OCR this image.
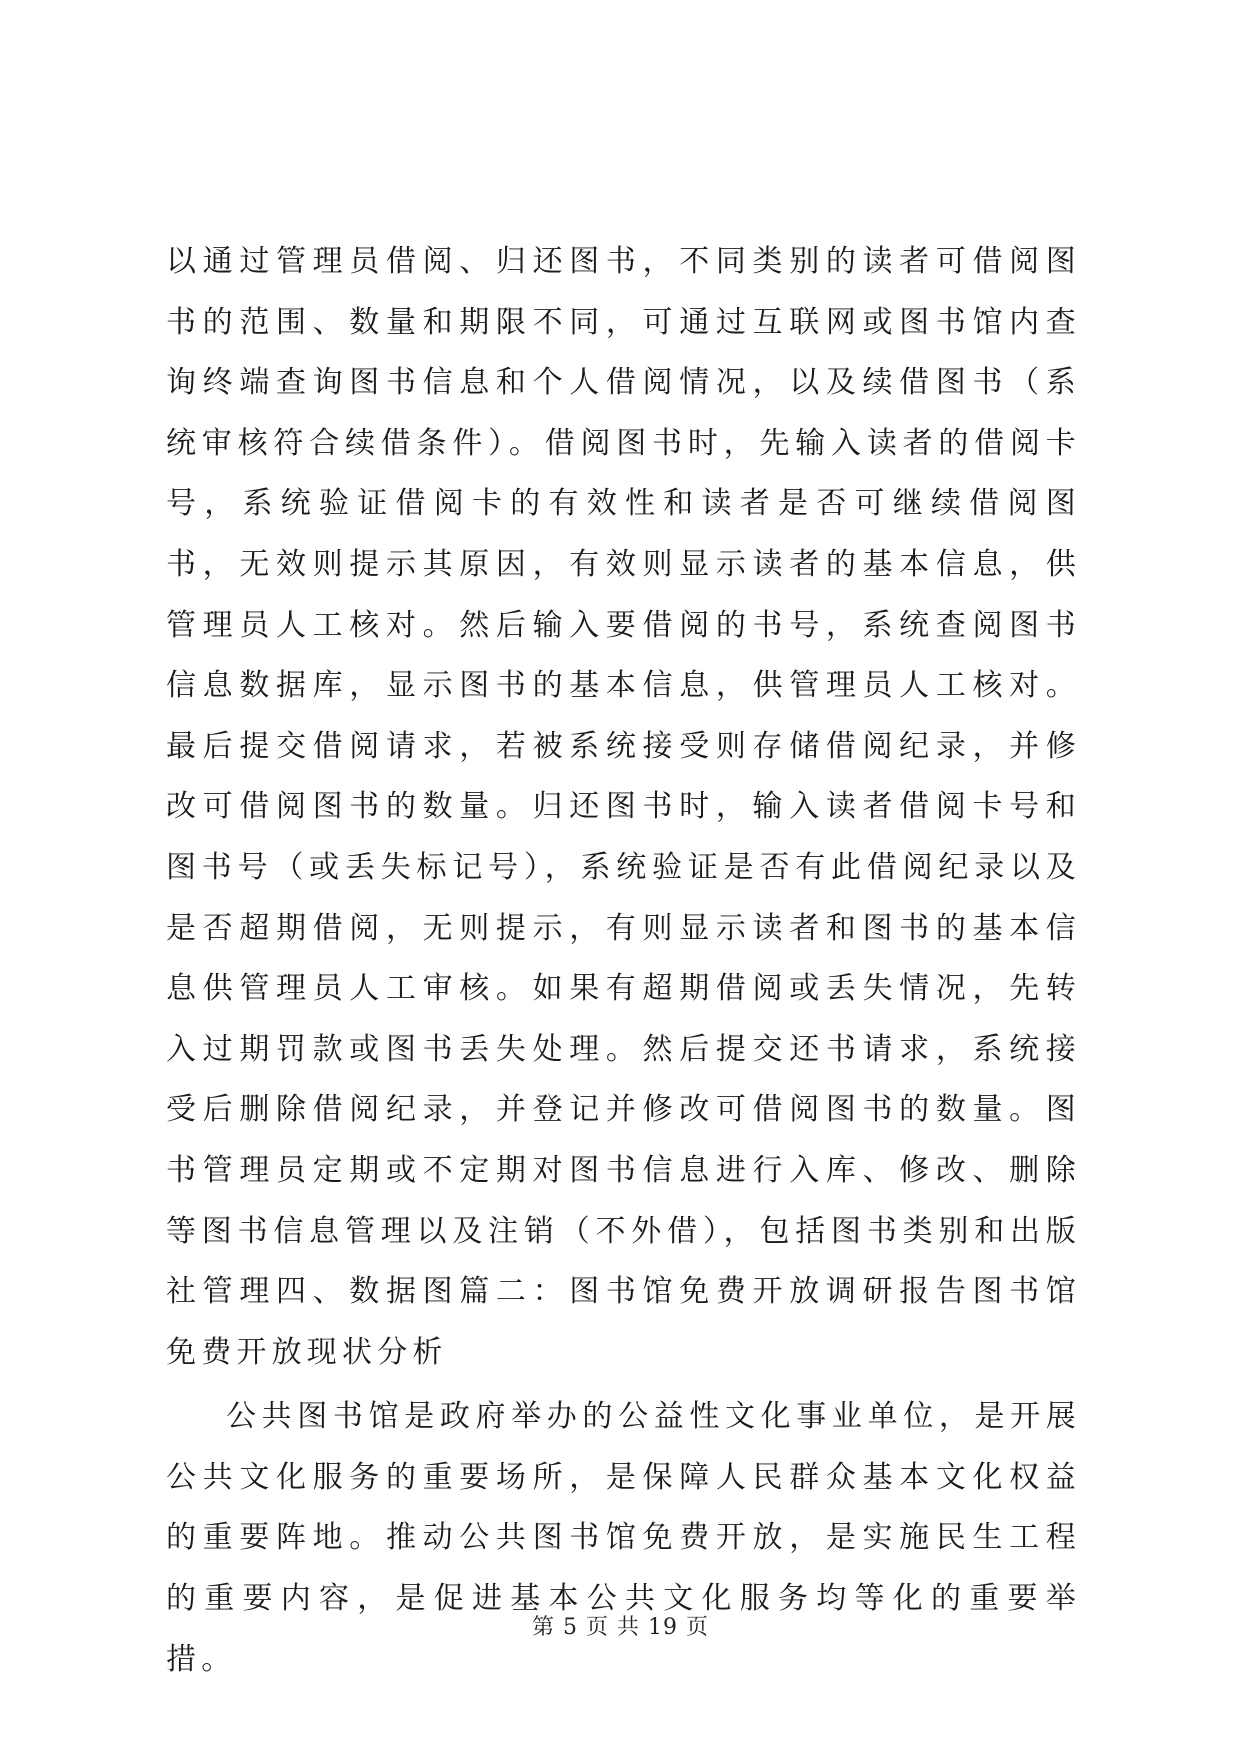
以通过管理员借阅、归还图书，不同类别的读者可借阅图书的范围、数量和期限不同，可通过互联网或图书馆内查询终端查询图书信息和个人借阅情况，以及续借图书（系统审核符合续借条件）。借阅图书时，先输入读者的借阅卡号，系统验证借阅卡的有效性和读者是否可继续借阅图书，无效则提示其原因，有效则显示读者的基本信息，供管理员人工核对。然后输入要借阅的书号，系统查阅图书信息数据库，显示图书的基本信息，供管理员人工核对。最后提交借阅请求，若被系统接受则存储借阅纪录，并修改可借阅图书的数量。归还图书时，输入读者借阅卡号和图书号（或丢失标记号），系统验证是否有此借阅纪录以及是否超期借阅，无则提示，有则显示读者和图书的基本信息供管理员人工审核。如果有超期借阅或丢失情况，先转入过期罚款或图书丢失处理。然后提交还书请求，系统接受后删除借阅纪录，并登记并修改可借阅图书的数量。图书管理员定期或不定期对图书信息进行入库、修改、删除等图书信息管理以及注销（不外借），包括图书类别和出版社管理四、数据图篇二：图书馆免费开放调研报告图书馆免费开放现状分析

公共图书馆是政府举办的公益性文化事业单位，是开展公共文化服务的重要场所，是保障人民群众基本文化权益的重要阵地。推动公共图书馆免费开放，是实施民生工程的重要内容，是促进基本公共文化服务均等化的重要举措。

第 5 页 共 19 页
